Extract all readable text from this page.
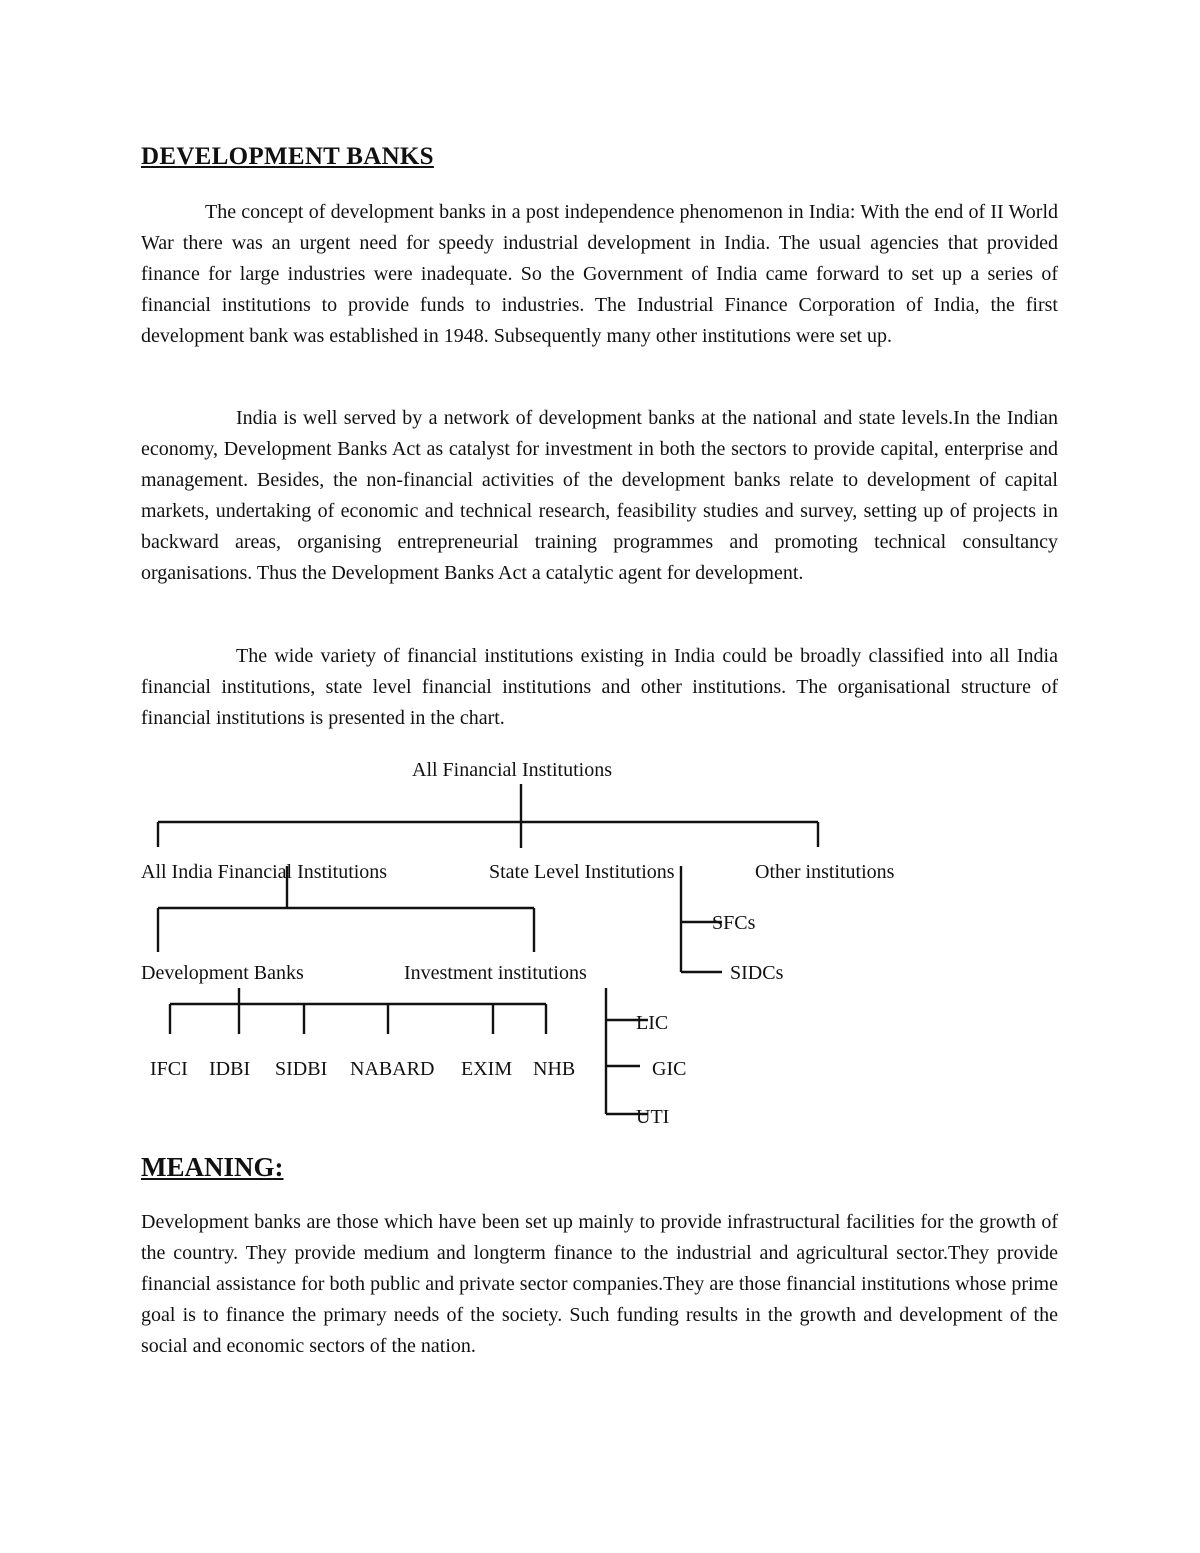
DEVELOPMENT BANKS

The concept of development banks in a post independence phenomenon in India: With the end of II World War there was an urgent need for speedy industrial development in India. The usual agencies that provided finance for large industries were inadequate. So the Government of India came forward to set up a series of financial institutions to provide funds to industries. The Industrial Finance Corporation of India, the first development bank was established in 1948. Subsequently many other institutions were set up.

India is well served by a network of development banks at the national and state levels.In the Indian economy, Development Banks Act as catalyst for investment in both the sectors to provide capital, enterprise and management. Besides, the non-financial activities of the development banks relate to development of capital markets, undertaking of economic and technical research, feasibility studies and survey, setting up of projects in backward areas, organising entrepreneurial training programmes and promoting technical consultancy organisations. Thus the Development Banks Act a catalytic agent for development.

The wide variety of financial institutions existing in India could be broadly classified into all India financial institutions, state level financial institutions and other institutions. The organisational structure of financial institutions is presented in the chart.

All Financial Institutions
All India Financial Institutions	State Level Institutions	Other institutions
SFCs
SIDCs
Development Banks	Investment institutions
IFCI IDBI SIDBI NABARD EXIM NHB
LIC
GIC
UTI
MEANING:

Development banks are those which have been set up mainly to provide infrastructural facilities for the growth of the country. They provide medium and longterm finance to the industrial and agricultural sector.They provide financial assistance for both public and private sector companies.They are those financial institutions whose prime goal is to finance the primary needs of the society. Such funding results in the growth and development of the social and economic sectors of the nation.
